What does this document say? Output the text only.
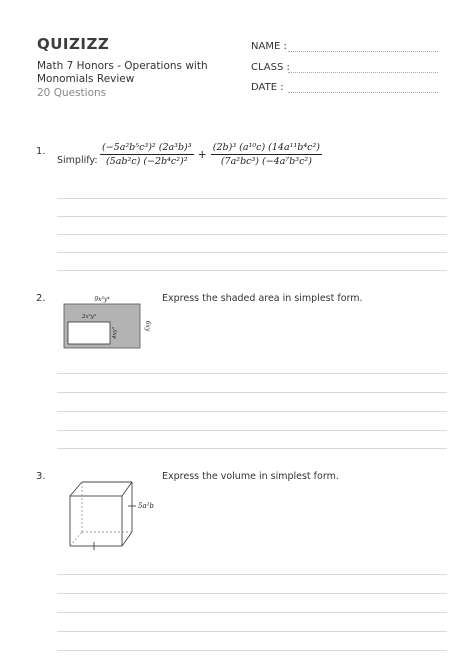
QUIZIZZ
Math 7 Honors - Operations with Monomials Review
20 Questions
NAME :
CLASS :
DATE :
1.
Simplify: $\frac{\text{(−5a²b⁵c³)² (2a³b)³}}{\text{(5ab²c) (−2b⁴c²)²}} + \frac{\text{(2b)³ (a¹⁰c) (14a¹¹b⁴c²)}}{\text{(7a²bc³) (−4a⁷b³c²)}}$
2.	Express the shaded area in simplest form.
9x³y⁴
6xy
2x³y³
4xy³
3.	Express the volume in simplest form.
5a²b
